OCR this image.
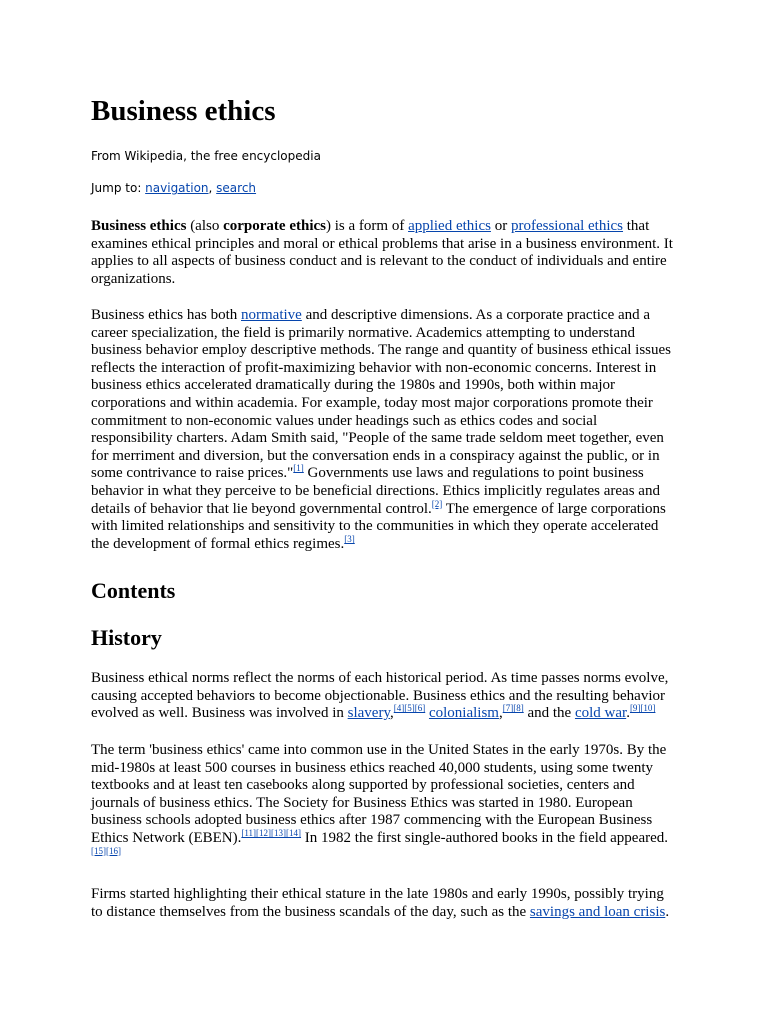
Business ethics
From Wikipedia, the free encyclopedia
Jump to: navigation, search

Business ethics (also corporate ethics) is a form of applied ethics or professional ethics that examines ethical principles and moral or ethical problems that arise in a business environment. It applies to all aspects of business conduct and is relevant to the conduct of individuals and entire organizations.

Business ethics has both normative and descriptive dimensions. As a corporate practice and a career specialization, the field is primarily normative. Academics attempting to understand business behavior employ descriptive methods. The range and quantity of business ethical issues reflects the interaction of profit-maximizing behavior with non-economic concerns. Interest in business ethics accelerated dramatically during the 1980s and 1990s, both within major corporations and within academia. For example, today most major corporations promote their commitment to non-economic values under headings such as ethics codes and social responsibility charters. Adam Smith said, "People of the same trade seldom meet together, even for merriment and diversion, but the conversation ends in a conspiracy against the public, or in some contrivance to raise prices."[1] Governments use laws and regulations to point business behavior in what they perceive to be beneficial directions. Ethics implicitly regulates areas and details of behavior that lie beyond governmental control.[2] The emergence of large corporations with limited relationships and sensitivity to the communities in which they operate accelerated the development of formal ethics regimes.[3]

Contents
History

Business ethical norms reflect the norms of each historical period. As time passes norms evolve, causing accepted behaviors to become objectionable. Business ethics and the resulting behavior evolved as well. Business was involved in slavery,[4][5][6] colonialism,[7][8] and the cold war.[9][10]

The term 'business ethics' came into common use in the United States in the early 1970s. By the mid-1980s at least 500 courses in business ethics reached 40,000 students, using some twenty textbooks and at least ten casebooks along supported by professional societies, centers and journals of business ethics. The Society for Business Ethics was started in 1980. European business schools adopted business ethics after 1987 commencing with the European Business Ethics Network (EBEN).[11][12][13][14] In 1982 the first single-authored books in the field appeared.[15][16]

Firms started highlighting their ethical stature in the late 1980s and early 1990s, possibly trying to distance themselves from the business scandals of the day, such as the savings and loan crisis.
